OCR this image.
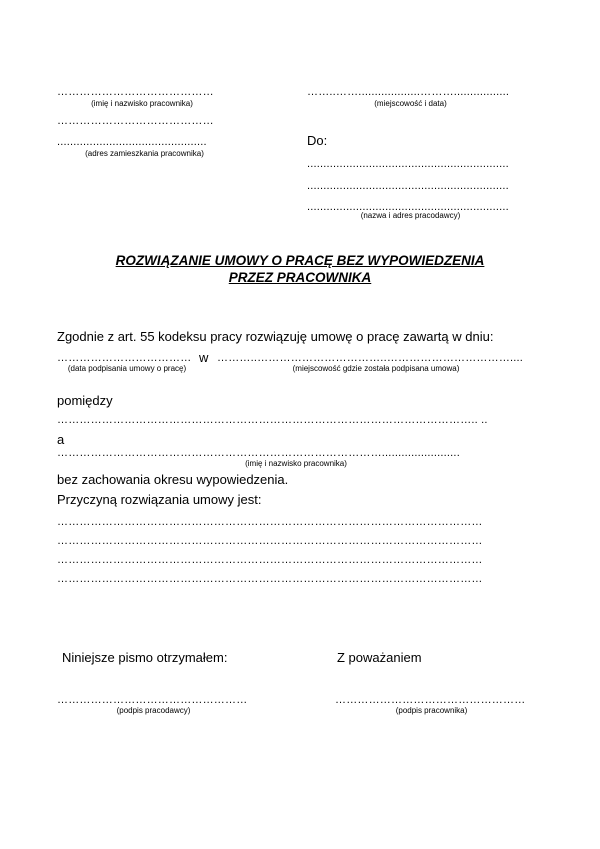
……………………………………
(imię i nazwisko pracownika)
……………………………………
..............................................
(adres zamieszkania pracownika)
……..……...................……….................
(miejscowość i data)
Do:
..............................................................
..............................................................
..............................................................
(nazwa i adres pracodawcy)
ROZWIĄZANIE UMOWY O PRACĘ BEZ WYPOWIEDZENIA
PRZEZ PRACOWNIKA
Zgodnie z art. 55 kodeksu pracy rozwiązuję umowę o pracę zawartą w dniu:
………………………………
(data podpisania umowy o pracę)
w ………..……………………………..……………………………....
(miejscowość gdzie została podpisana umowa)
pomiędzy
………………………………………………………………………………………………….. ..
a
……………………………………………………………………………........................
(imię i nazwisko pracownika)
bez zachowania okresu wypowiedzenia.
Przyczyną rozwiązania umowy jest:
……………………………………………………………………………………………………
……………………………………………………………………………………………………
……………………………………………………………………………………………………
……………………………………………………………………………………………………
Niniejsze pismo otrzymałem:	Z poważaniem
……………………………………………
(podpis pracodawcy)
……………………………………………
(podpis pracownika)
